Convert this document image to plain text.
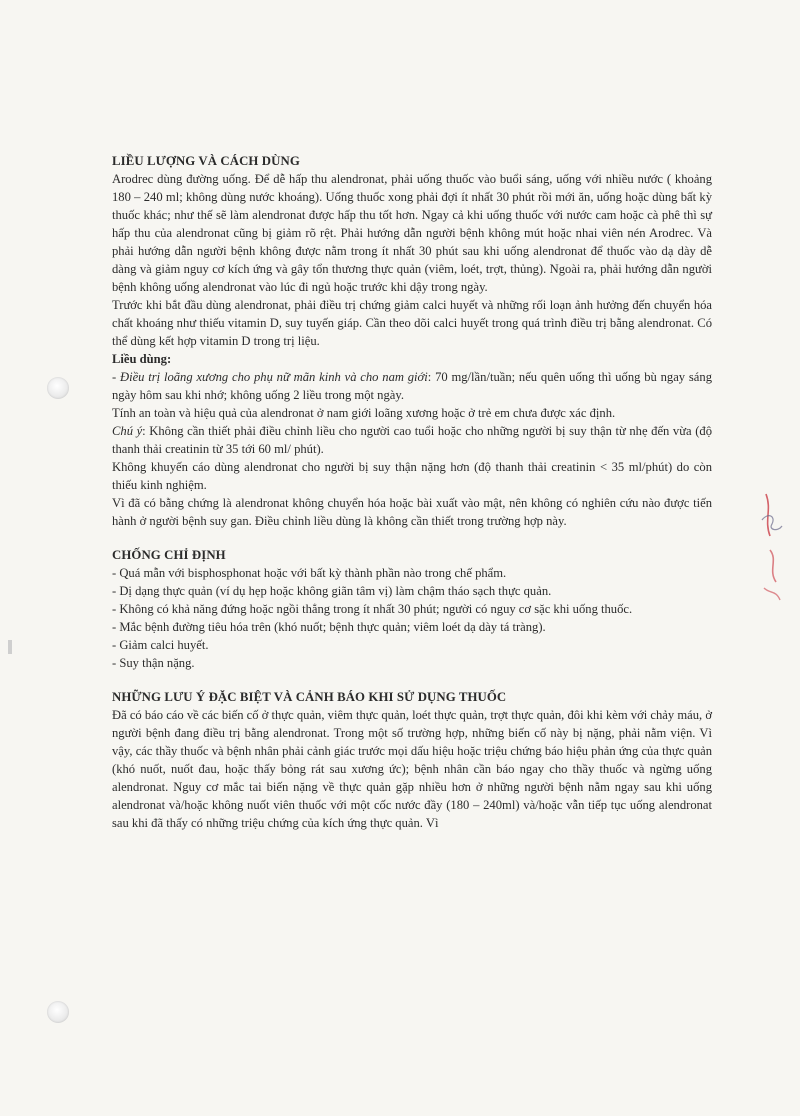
LIỀU LƯỢNG VÀ CÁCH DÙNG

Arodrec dùng đường uống. Để dễ hấp thu alendronat, phải uống thuốc vào buổi sáng, uống với nhiều nước ( khoảng 180 – 240 ml; không dùng nước khoáng). Uống thuốc xong phải đợi ít nhất 30 phút rồi mới ăn, uống hoặc dùng bất kỳ thuốc khác; như thế sẽ làm alendronat được hấp thu tốt hơn. Ngay cả khi uống thuốc với nước cam hoặc cà phê thì sự hấp thu của alendronat cũng bị giảm rõ rệt. Phải hướng dẫn người bệnh không mút hoặc nhai viên nén Arodrec. Và phải hướng dẫn người bệnh không được nằm trong ít nhất 30 phút sau khi uống alendronat để thuốc vào dạ dày dễ dàng và giảm nguy cơ kích ứng và gây tổn thương thực quản (viêm, loét, trợt, thủng). Ngoài ra, phải hướng dẫn người bệnh không uống alendronat vào lúc đi ngủ hoặc trước khi dậy trong ngày.

Trước khi bắt đầu dùng alendronat, phải điều trị chứng giảm calci huyết và những rối loạn ảnh hưởng đến chuyển hóa chất khoáng như thiếu vitamin D, suy tuyến giáp. Cần theo dõi calci huyết trong quá trình điều trị bằng alendronat. Có thể dùng kết hợp vitamin D trong trị liệu.

Liều dùng:

- Điều trị loãng xương cho phụ nữ mãn kinh và cho nam giới: 70 mg/lần/tuần; nếu quên uống thì uống bù ngay sáng ngày hôm sau khi nhớ; không uống 2 liều trong một ngày.

Tính an toàn và hiệu quả của alendronat ở nam giới loãng xương hoặc ở trẻ em chưa được xác định.

Chú ý: Không cần thiết phải điều chỉnh liều cho người cao tuổi hoặc cho những người bị suy thận từ nhẹ đến vừa (độ thanh thải creatinin từ 35 tới 60 ml/ phút).

Không khuyến cáo dùng alendronat cho người bị suy thận nặng hơn (độ thanh thải creatinin < 35 ml/phút) do còn thiếu kinh nghiệm.

Vì đã có bằng chứng là alendronat không chuyển hóa hoặc bài xuất vào mật, nên không có nghiên cứu nào được tiến hành ở người bệnh suy gan. Điều chỉnh liều dùng là không cần thiết trong trường hợp này.

CHỐNG CHỈ ĐỊNH

- Quá mẫn với bisphosphonat hoặc với bất kỳ thành phần nào trong chế phẩm.

- Dị dạng thực quản (ví dụ hẹp hoặc không giãn tâm vị) làm chậm tháo sạch thực quản.

- Không có khả năng đứng hoặc ngồi thẳng trong ít nhất 30 phút; người có nguy cơ sặc khi uống thuốc.

- Mắc bệnh đường tiêu hóa trên (khó nuốt; bệnh thực quản; viêm loét dạ dày tá tràng).

- Giảm calci huyết.

- Suy thận nặng.

NHỮNG LƯU Ý ĐẶC BIỆT VÀ CẢNH BÁO KHI SỬ DỤNG THUỐC

Đã có báo cáo về các biến cố ở thực quản, viêm thực quản, loét thực quản, trợt thực quản, đôi khi kèm với chảy máu, ở người bệnh đang điều trị bằng alendronat. Trong một số trường hợp, những biến cố này bị nặng, phải nằm viện. Vì vậy, các thầy thuốc và bệnh nhân phải cảnh giác trước mọi dấu hiệu hoặc triệu chứng báo hiệu phản ứng của thực quản (khó nuốt, nuốt đau, hoặc thấy bỏng rát sau xương ức); bệnh nhân cần báo ngay cho thầy thuốc và ngừng uống alendronat. Nguy cơ mắc tai biến nặng về thực quản gặp nhiều hơn ở những người bệnh nằm ngay sau khi uống alendronat và/hoặc không nuốt viên thuốc với một cốc nước đầy (180 – 240ml) và/hoặc vẫn tiếp tục uống alendronat sau khi đã thấy có những triệu chứng của kích ứng thực quản. Vì
